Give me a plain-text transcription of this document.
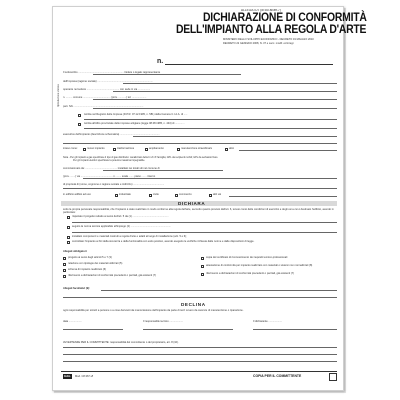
ALLEGATO I (di cui all'art.7)
DICHIARAZIONE DI CONFORMITÀ
DELL'IMPIANTO ALLA REGOLA D'ARTE
MINISTERO DELLO SVILUPPO ECONOMICO - DECRETO 19 MAGGIO 2010
DECRETO 22 GENNAIO 2008, N. 37 e succ. modif. ed integr.
n.
riproduzione vietata
Il sottoscritto ............................................................... titolare o legale rappresentante
dell'impresa (ragione sociale) .............................................................................
operante nel settore ............................................. con sede in via .................
n. ......... comune ...................................... (prov. ...........) tel. ....................
part. IVA .................................................................................................
iscritta nel Registro delle Imprese (D.P.R. 07.12.1995, n. 581) della Camera C.I.A.A. di .....
iscritta all'Albo provinciale delle imprese artigiane (legge 08.08.1985, n. 443) di .............
esecutrice dell'impianto (descrizione schematica) .......................................................
inteso come:	nuovo impianto	trasformazione	ampliamento	manutenzione straordinaria	altro
Nota - Per gli impianti a gas specificare il tipo di gas distribuito: canalizzato della 1ª-2ª-3ª famiglia; GPL da recipienti mobili; GPL da serbatoio fisso.
Per gli impianti elettrici specificare la potenza massima impegnabile.
commissionato da: ............................................ installato nei locali siti nel comune di
(prov. .......) via ............................................ n. ....... scala ....... piano ....... interno
di proprietà di (nome, cognome o ragione sociale e indirizzo) ...........................................
in edificio adibito ad uso:	industriale	civile	commercio	altri usi
DICHIARA
sotto la propria personale responsabilità, che l'impianto è stato realizzato in modo conforme alla regola dell'arte, secondo quanto previsto dall'art. 6, tenuto conto delle condizioni di esercizio e degli usi a cui è destinato l'edificio, avendo in particolare:
rispettato il progetto redatto ai sensi dell'art. 5 da (1) ..................................................
seguito la norma tecnica applicabile all'impiego (2) ........................................................
installato componenti e materiali costruiti a regola d'arte e adatti al luogo di installazione (artt. 5 e 6);
controllato l'impianto ai fini della sicurezza e della funzionalità con esito positivo, avendo eseguito le verifiche richieste dalle norme e dalle disposizioni di legge.
Allegati obbligatori:
progetto ai sensi degli articoli 5 e 7 (3)
relazione con tipologie dei materiali utilizzati (5)
schema di impianto realizzato (6)
riferimento a dichiarazioni di conformità precedenti o parziali, già esistenti (7)
copia del certificato di riconoscimento dei requisiti tecnico-professionali
attestazione di conformità per impianto realizzato con materiali o sistemi non normalizzati (8)
riferimento a dichiarazioni di conformità precedenti o parziali, già esistenti (7)
Allegati facoltativi (9):
DECLINA
ogni responsabilità per sinistri a persone o a cose derivanti da manomissione dell'impianto da parte di terzi ovvero da carenze di manutenzione o riparazione.
data ...................	Il responsabile tecnico ...................	Il dichiarante ...................
AVVERTENZE PER IL COMMITTENTE: responsabilità del committente o del proprietario, art. 8 (10).
Ediz.	Mod. C8.367.s5	COPIA PER IL COMMITTENTE
